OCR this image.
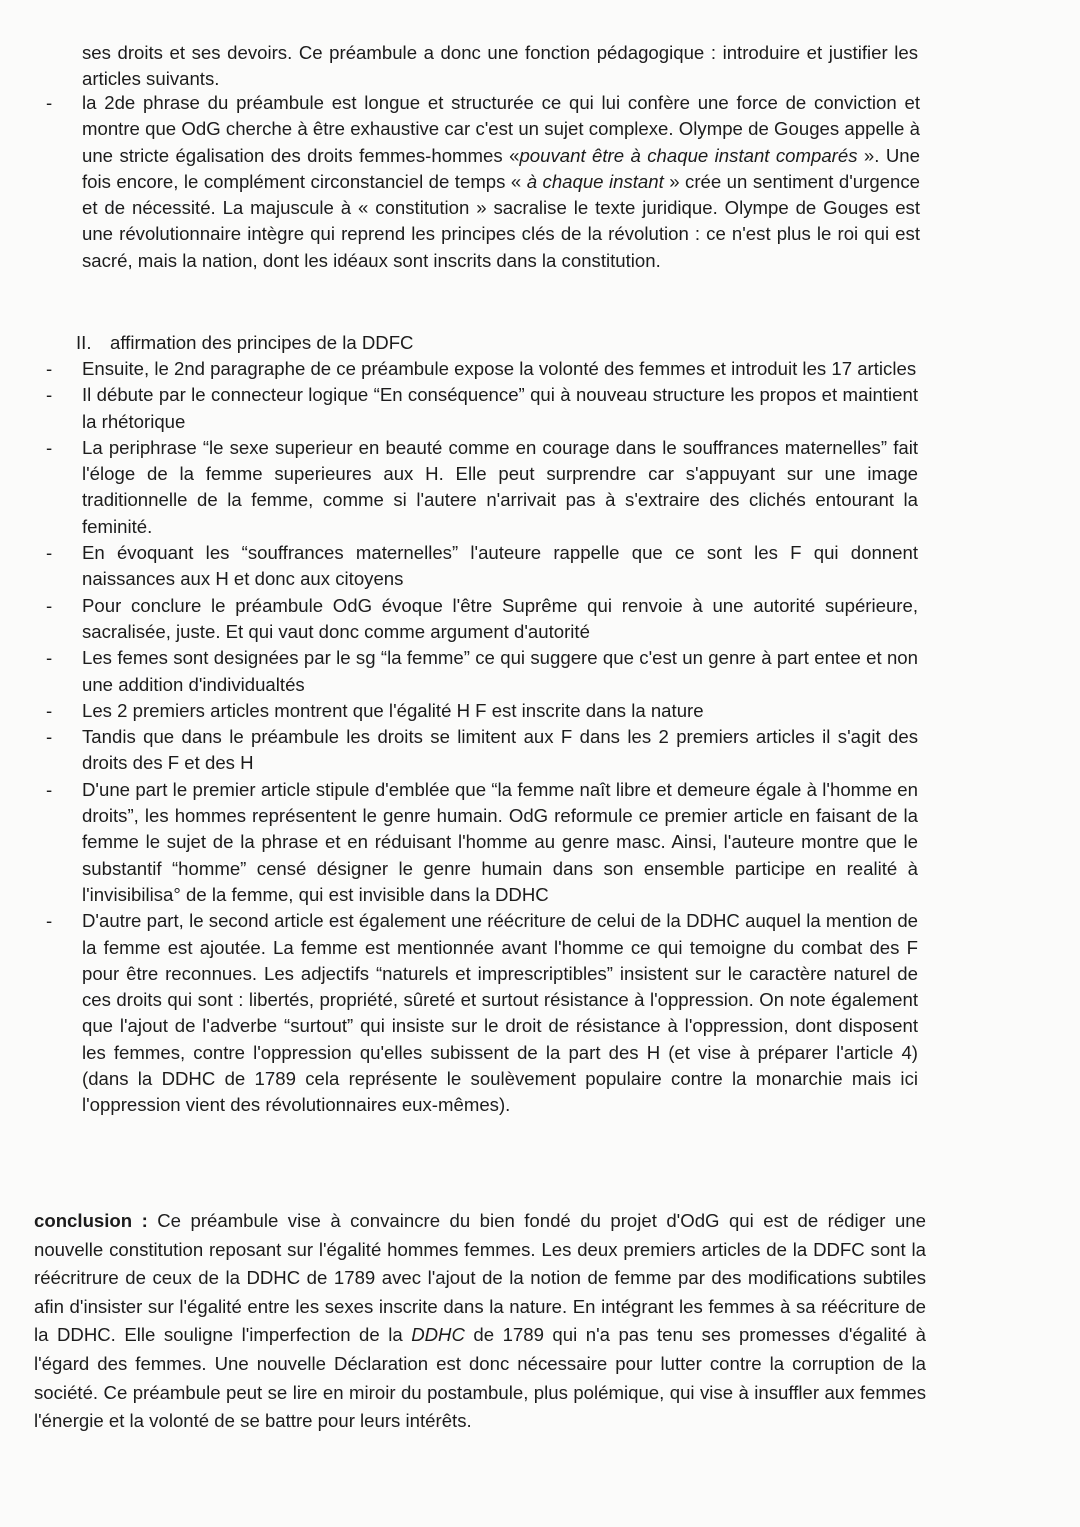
ses droits et ses devoirs. Ce préambule a donc une fonction pédagogique : introduire et justifier les articles suivants.
- la 2de phrase du préambule est longue et structurée ce qui lui confère une force de conviction et montre que OdG cherche à être exhaustive car c'est un sujet complexe. Olympe de Gouges appelle à une stricte égalisation des droits femmes-hommes «pouvant être à chaque instant comparés ». Une fois encore, le complément circonstanciel de temps « à chaque instant » crée un sentiment d'urgence et de nécessité. La majuscule à « constitution » sacralise le texte juridique. Olympe de Gouges est une révolutionnaire intègre qui reprend les principes clés de la révolution : ce n'est plus le roi qui est sacré, mais la nation, dont les idéaux sont inscrits dans la constitution.
II. affirmation des principes de la DDFC
- Ensuite, le 2nd paragraphe de ce préambule expose la volonté des femmes et introduit les 17 articles
- Il débute par le connecteur logique “En conséquence” qui à nouveau structure les propos et maintient la rhétorique
- La periphrase “le sexe superieur en beauté comme en courage dans le souffrances maternelles” fait l'éloge de la femme superieures aux H. Elle peut surprendre car s'appuyant sur une image traditionnelle de la femme, comme si l'autere n'arrivait pas à s'extraire des clichés entourant la feminité.
- En évoquant les “souffrances maternelles” l'auteure rappelle que ce sont les F qui donnent naissances aux H et donc aux citoyens
- Pour conclure le préambule OdG évoque l'être Suprême qui renvoie à une autorité supérieure, sacralisée, juste. Et qui vaut donc comme argument d'autorité
- Les femes sont designées par le sg “la femme” ce qui suggere que c'est un genre à part entee et non une addition d'individualtés
- Les 2 premiers articles montrent que l'égalité H F est inscrite dans la nature
- Tandis que dans le préambule les droits se limitent aux F dans les 2 premiers articles il s'agit des droits des F et des H
- D'une part le premier article stipule d'emblée que “la femme naît libre et demeure égale à l'homme en droits”, les hommes représentent le genre humain. OdG reformule ce premier article en faisant de la femme le sujet de la phrase et en réduisant l'homme au genre masc. Ainsi, l'auteure montre que le substantif “homme” censé désigner le genre humain dans son ensemble participe en realité à l'invisibilisa° de la femme, qui est invisible dans la DDHC
- D'autre part, le second article est également une réécriture de celui de la DDHC auquel la mention de la femme est ajoutée. La femme est mentionnée avant l'homme ce qui temoigne du combat des F pour être reconnues. Les adjectifs “naturels et imprescriptibles” insistent sur le caractère naturel de ces droits qui sont : libertés, propriété, sûreté et surtout résistance à l'oppression. On note également que l'ajout de l'adverbe “surtout” qui insiste sur le droit de résistance à l'oppression, dont disposent les femmes, contre l'oppression qu'elles subissent de la part des H (et vise à préparer l'article 4) (dans la DDHC de 1789 cela représente le soulèvement populaire contre la monarchie mais ici l'oppression vient des révolutionnaires eux-mêmes).
conclusion : Ce préambule vise à convaincre du bien fondé du projet d'OdG qui est de rédiger une nouvelle constitution reposant sur l'égalité hommes femmes. Les deux premiers articles de la DDFC sont la réécritrure de ceux de la DDHC de 1789 avec l'ajout de la notion de femme par des modifications subtiles afin d'insister sur l'égalité entre les sexes inscrite dans la nature. En intégrant les femmes à sa réécriture de la DDHC. Elle souligne l'imperfection de la DDHC de 1789 qui n'a pas tenu ses promesses d'égalité à l'égard des femmes. Une nouvelle Déclaration est donc nécessaire pour lutter contre la corruption de la société. Ce préambule peut se lire en miroir du postambule, plus polémique, qui vise à insuffler aux femmes l'énergie et la volonté de se battre pour leurs intérêts.
